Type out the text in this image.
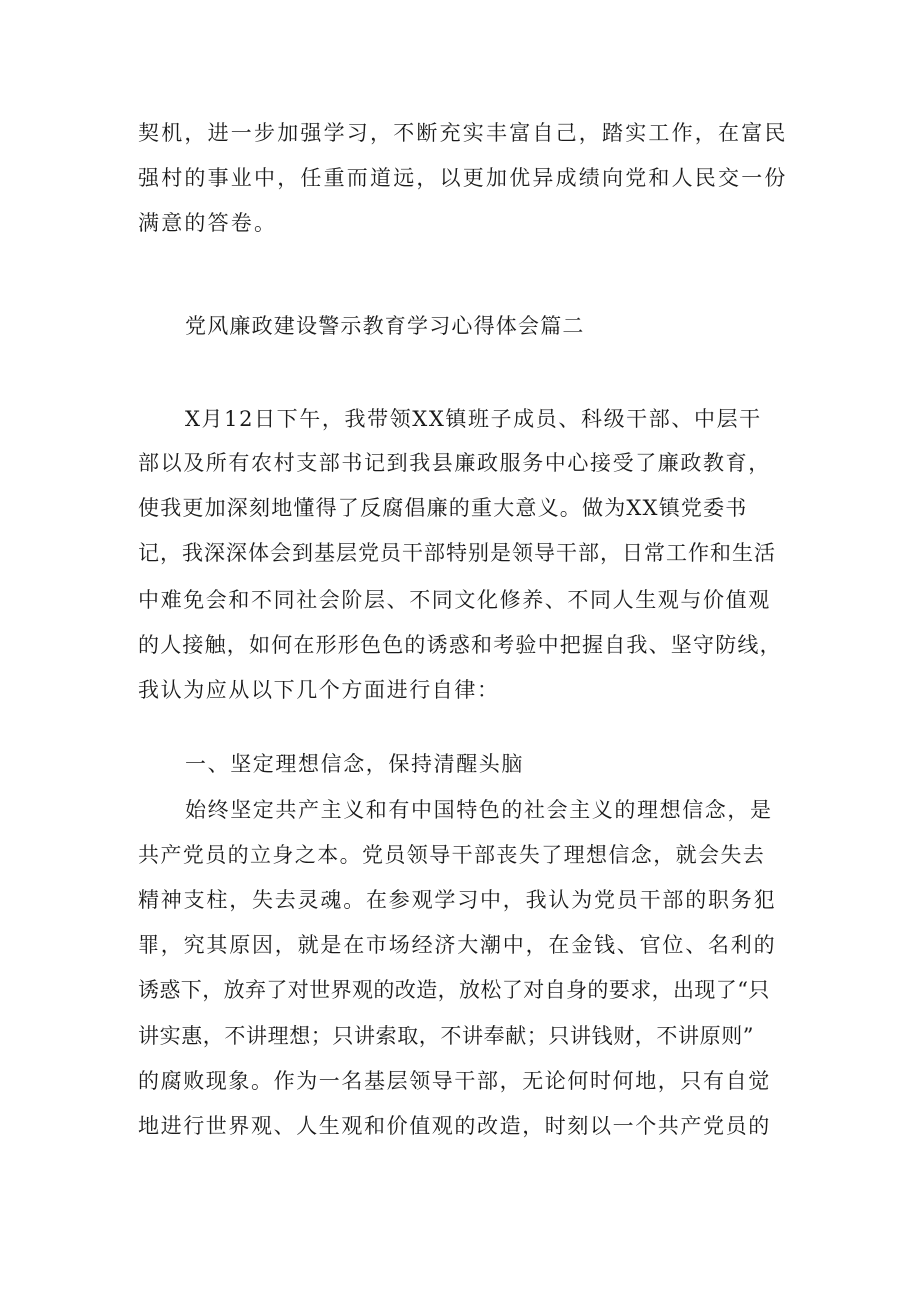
契机，进一步加强学习，不断充实丰富自己，踏实工作，在富民
强村的事业中，任重而道远，以更加优异成绩向党和人民交一份
满意的答卷。
党风廉政建设警示教育学习心得体会篇二
X月12日下午，我带领XX镇班子成员、科级干部、中层干
部以及所有农村支部书记到我县廉政服务中心接受了廉政教育，
使我更加深刻地懂得了反腐倡廉的重大意义。做为XX镇党委书
记，我深深体会到基层党员干部特别是领导干部，日常工作和生活
中难免会和不同社会阶层、不同文化修养、不同人生观与价值观
的人接触，如何在形形色色的诱惑和考验中把握自我、坚守防线，
我认为应从以下几个方面进行自律：
一、坚定理想信念，保持清醒头脑
始终坚定共产主义和有中国特色的社会主义的理想信念，是
共产党员的立身之本。党员领导干部丧失了理想信念，就会失去
精神支柱，失去灵魂。在参观学习中，我认为党员干部的职务犯
罪，究其原因，就是在市场经济大潮中，在金钱、官位、名利的
诱惑下，放弃了对世界观的改造，放松了对自身的要求，出现了“只
讲实惠，不讲理想；只讲索取，不讲奉献；只讲钱财，不讲原则”
的腐败现象。作为一名基层领导干部，无论何时何地，只有自觉
地进行世界观、人生观和价值观的改造，时刻以一个共产党员的
